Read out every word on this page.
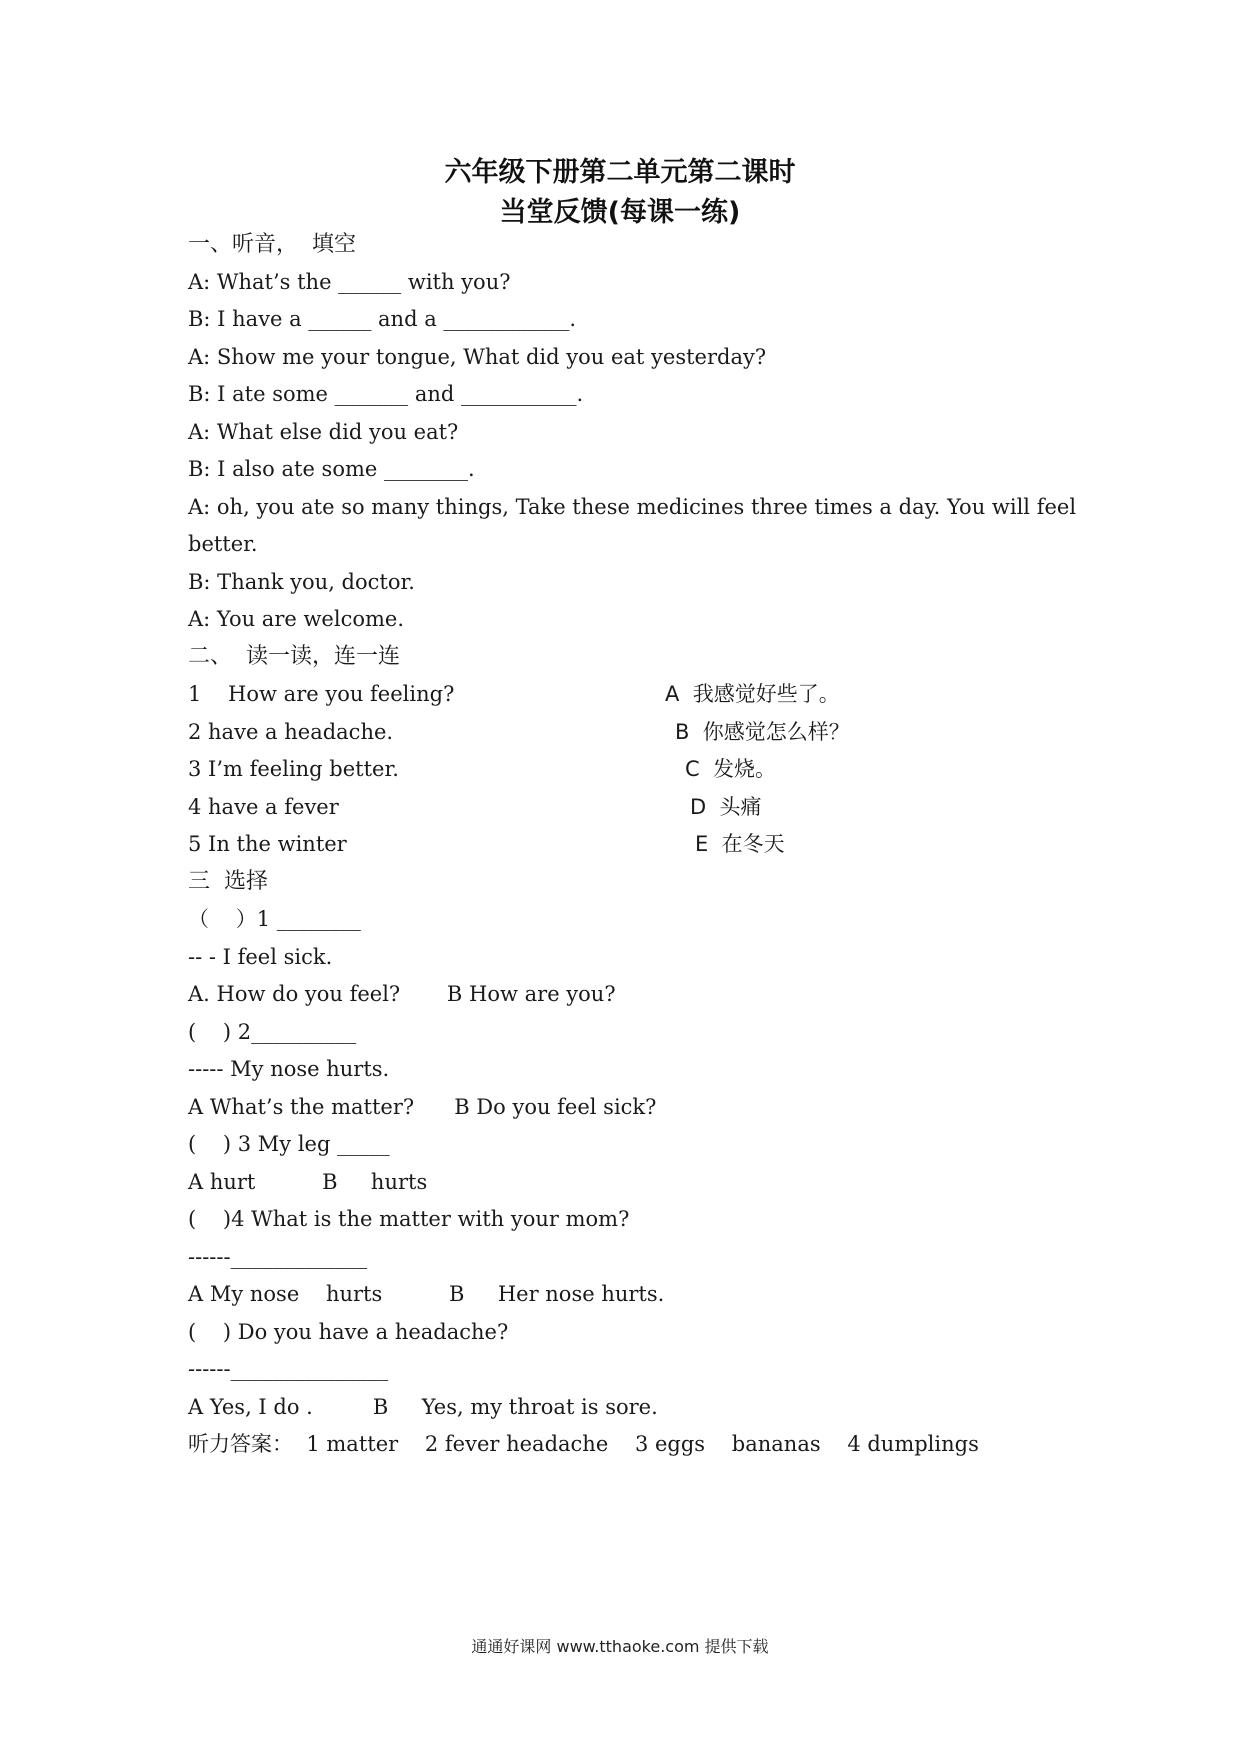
六年级下册第二单元第二课时
当堂反馈(每课一练)
一、听音，  填空
A: What’s the ______ with you?
B: I have a ______ and a ____________.
A: Show me your tongue, What did you eat yesterday?
B: I ate some _______ and ___________.
A: What else did you eat?
B: I also ate some ________.
A: oh, you ate so many things, Take these medicines three times a day. You will feel
better.
B: Thank you, doctor.
A: You are welcome.
二、  读一读，连一连
1    How are you feeling?
2 have a headache.
3 I’m feeling better.
4 have a fever
5 In the winter
A  我感觉好些了。
B  你感觉怎么样？
C  发烧。
D  头痛
E  在冬天
三  选择
（    ）1 ________
-- - I feel sick.
A. How do you feel?       B How are you?
(    ) 2__________
----- My nose hurts.
A What’s the matter?      B Do you feel sick?
(    ) 3 My leg _____
A hurt          B     hurts
(    )4 What is the matter with your mom?
------_____________
A My nose    hurts          B     Her nose hurts.
(    ) Do you have a headache?
------_______________
A Yes, I do .         B     Yes, my throat is sore.
听力答案：  1 matter    2 fever headache    3 eggs    bananas    4 dumplings
通通好课网 www.tthaoke.com 提供下载
